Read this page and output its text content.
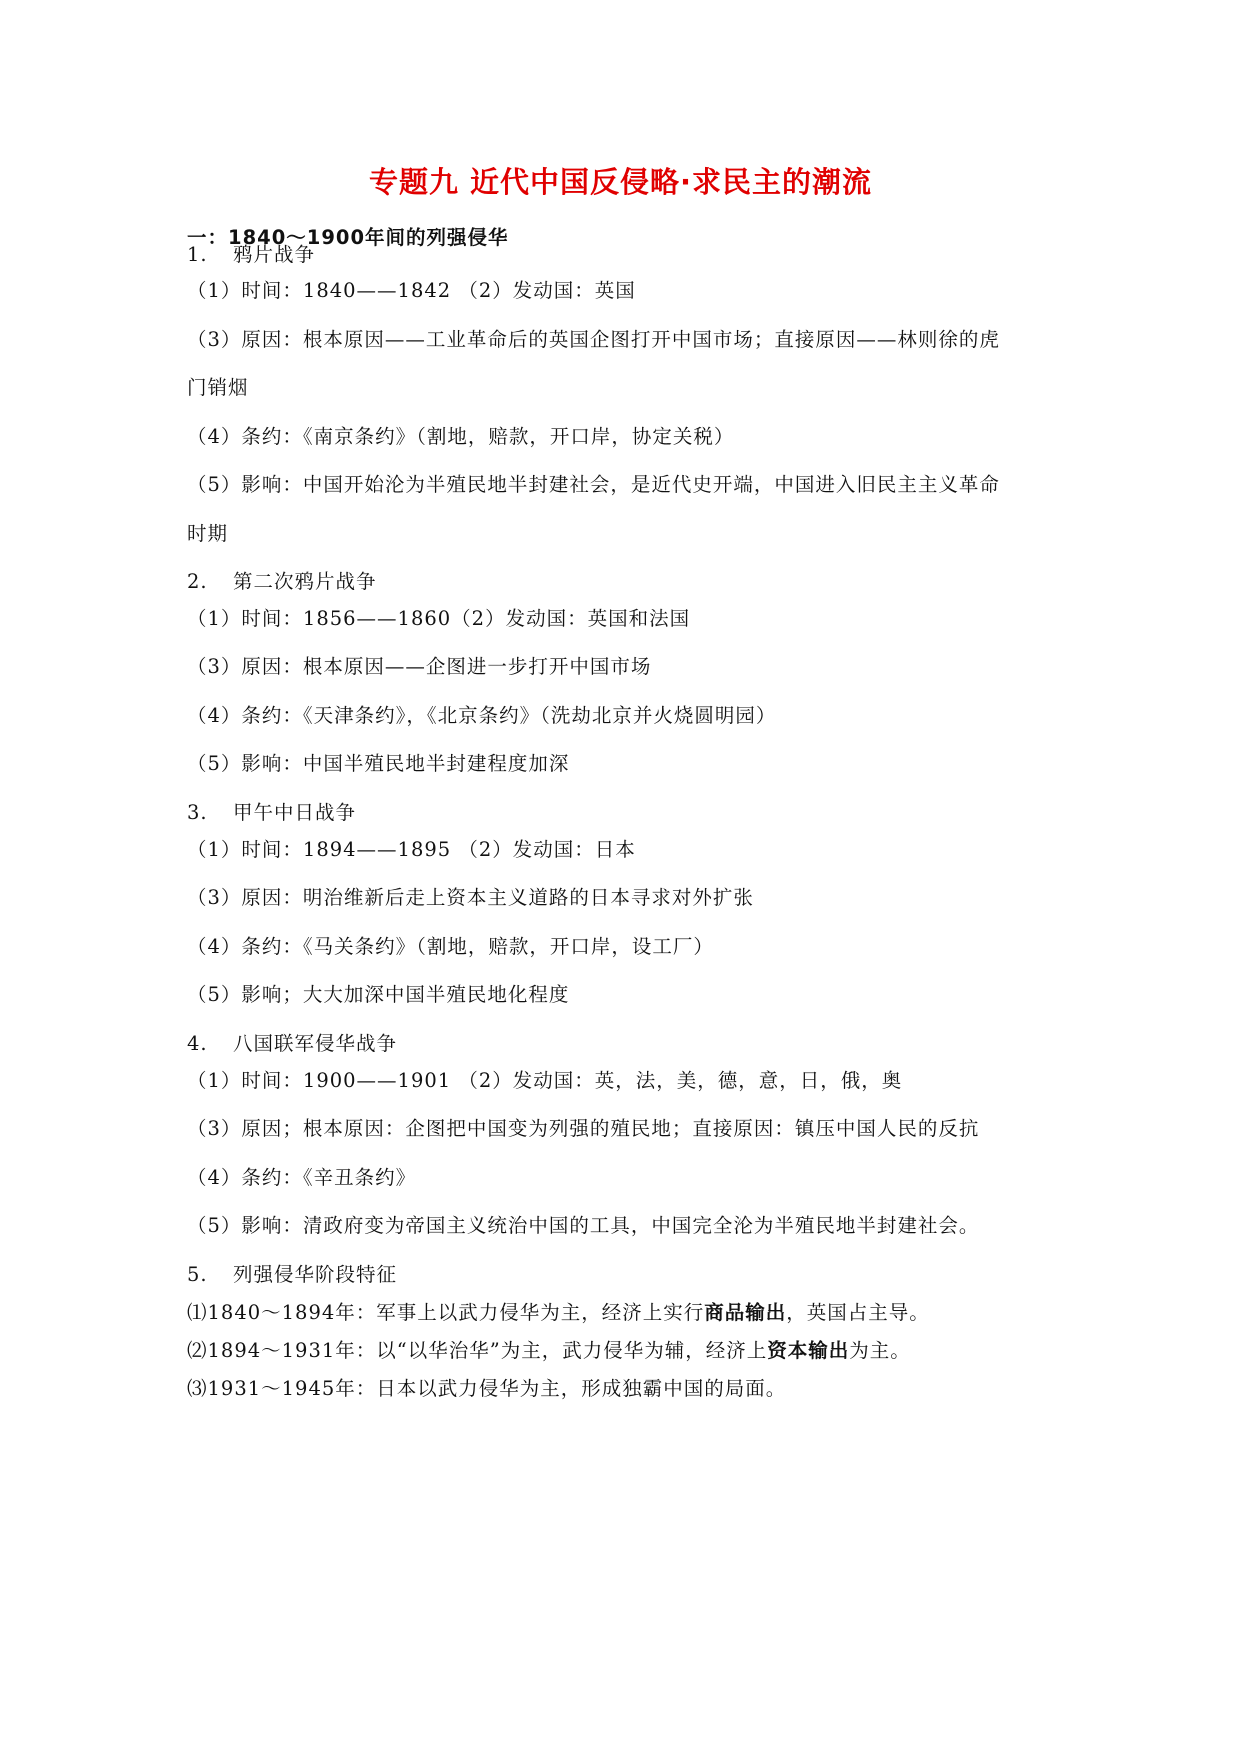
专题九 近代中国反侵略·求民主的潮流
一：1840～1900年间的列强侵华
1. 鸦片战争
（1）时间：1840——1842 （2）发动国：英国
（3）原因：根本原因——工业革命后的英国企图打开中国市场；直接原因——林则徐的虎
门销烟
（4）条约：《南京条约》（割地，赔款，开口岸，协定关税）
（5）影响：中国开始沦为半殖民地半封建社会，是近代史开端，中国进入旧民主主义革命
时期
2. 第二次鸦片战争
（1）时间：1856——1860（2）发动国：英国和法国
（3）原因：根本原因——企图进一步打开中国市场
（4）条约：《天津条约》，《北京条约》（洗劫北京并火烧圆明园）
（5）影响：中国半殖民地半封建程度加深
3. 甲午中日战争
（1）时间：1894——1895 （2）发动国：日本
（3）原因：明治维新后走上资本主义道路的日本寻求对外扩张
（4）条约：《马关条约》（割地，赔款，开口岸，设工厂）
（5）影响；大大加深中国半殖民地化程度
4. 八国联军侵华战争
（1）时间：1900——1901 （2）发动国：英，法，美，德，意，日，俄，奥
（3）原因；根本原因：企图把中国变为列强的殖民地；直接原因：镇压中国人民的反抗
（4）条约：《辛丑条约》
（5）影响：清政府变为帝国主义统治中国的工具，中国完全沦为半殖民地半封建社会。
5. 列强侵华阶段特征
⑴1840～1894年：军事上以武力侵华为主，经济上实行商品输出，英国占主导。
⑵1894～1931年：以“以华治华”为主，武力侵华为辅，经济上资本输出为主。
⑶1931～1945年：日本以武力侵华为主，形成独霸中国的局面。
